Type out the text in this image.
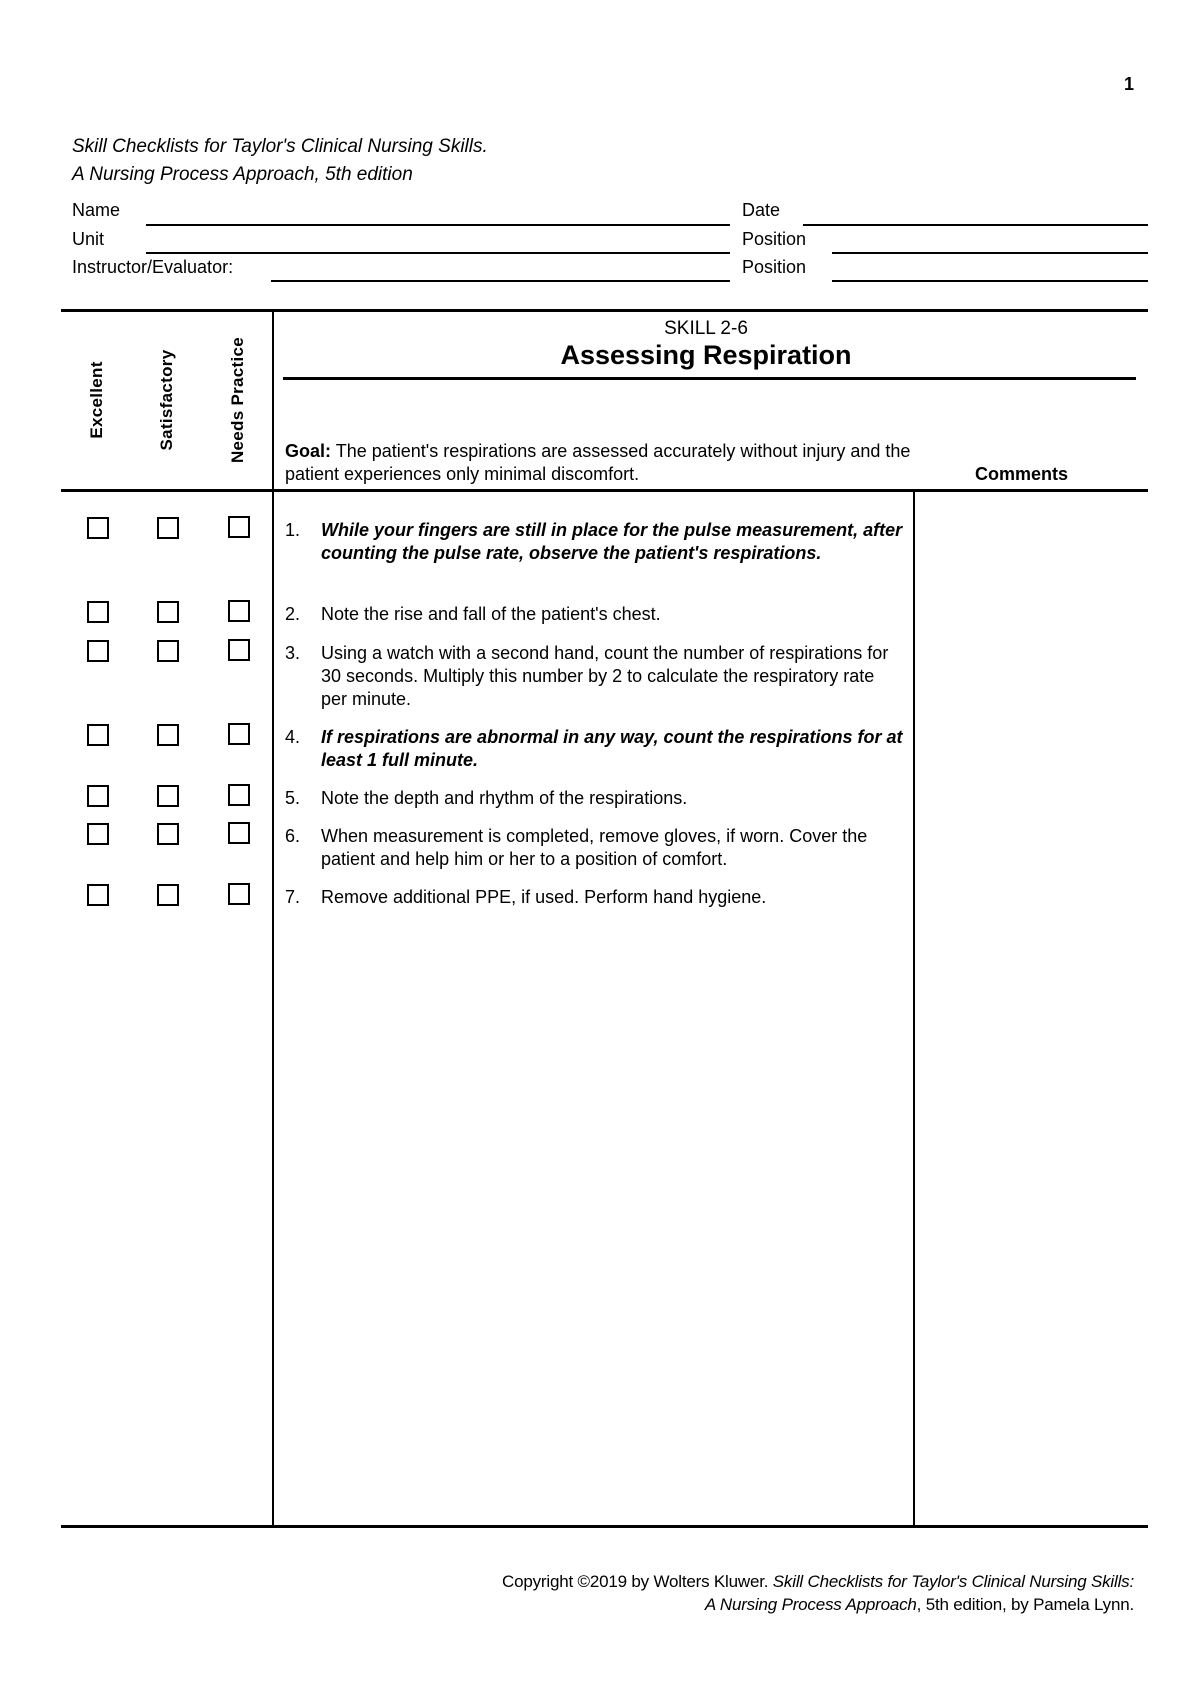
1
Skill Checklists for Taylor's Clinical Nursing Skills.
A Nursing Process Approach, 5th edition
Name	Date
Unit	Position
Instructor/Evaluator:	Position
Excellent	Satisfactory	Needs Practice
SKILL 2-6
Assessing Respiration
Goal: The patient's respirations are assessed accurately without injury and the patient experiences only minimal discomfort.	Comments
1. While your fingers are still in place for the pulse measurement, after counting the pulse rate, observe the patient's respirations.
2. Note the rise and fall of the patient's chest.
3. Using a watch with a second hand, count the number of respirations for 30 seconds. Multiply this number by 2 to calculate the respiratory rate per minute.
4. If respirations are abnormal in any way, count the respirations for at least 1 full minute.
5. Note the depth and rhythm of the respirations.
6. When measurement is completed, remove gloves, if worn. Cover the patient and help him or her to a position of comfort.
7. Remove additional PPE, if used. Perform hand hygiene.
Copyright ©2019 by Wolters Kluwer. Skill Checklists for Taylor's Clinical Nursing Skills:
A Nursing Process Approach, 5th edition, by Pamela Lynn.
